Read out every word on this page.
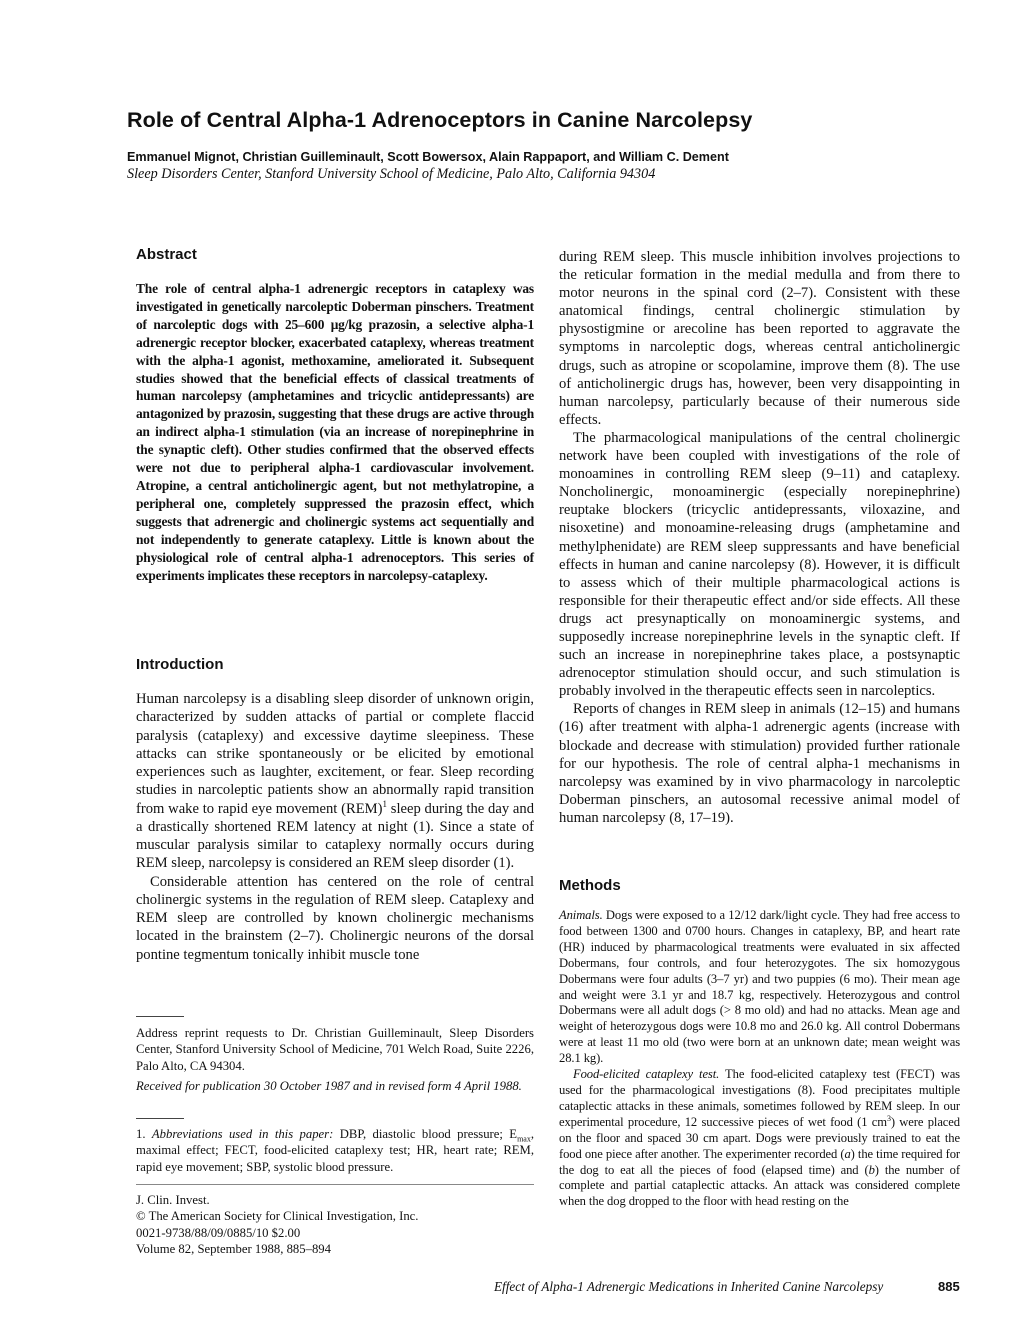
Role of Central Alpha-1 Adrenoceptors in Canine Narcolepsy
Emmanuel Mignot, Christian Guilleminault, Scott Bowersox, Alain Rappaport, and William C. Dement
Sleep Disorders Center, Stanford University School of Medicine, Palo Alto, California 94304
Abstract

The role of central alpha-1 adrenergic receptors in cataplexy was investigated in genetically narcoleptic Doberman pinschers. Treatment of narcoleptic dogs with 25–600 μg/kg prazosin, a selective alpha-1 adrenergic receptor blocker, exacerbated cataplexy, whereas treatment with the alpha-1 agonist, methoxamine, ameliorated it. Subsequent studies showed that the beneficial effects of classical treatments of human narcolepsy (amphetamines and tricyclic antidepressants) are antagonized by prazosin, suggesting that these drugs are active through an indirect alpha-1 stimulation (via an increase of norepinephrine in the synaptic cleft). Other studies confirmed that the observed effects were not due to peripheral alpha-1 cardiovascular involvement. Atropine, a central anticholinergic agent, but not methylatropine, a peripheral one, completely suppressed the prazosin effect, which suggests that adrenergic and cholinergic systems act sequentially and not independently to generate cataplexy. Little is known about the physiological role of central alpha-1 adrenoceptors. This series of experiments implicates these receptors in narcolepsy-cataplexy.

Introduction

Human narcolepsy is a disabling sleep disorder of unknown origin, characterized by sudden attacks of partial or complete flaccid paralysis (cataplexy) and excessive daytime sleepiness. These attacks can strike spontaneously or be elicited by emotional experiences such as laughter, excitement, or fear. Sleep recording studies in narcoleptic patients show an abnormally rapid transition from wake to rapid eye movement (REM)$^1$ sleep during the day and a drastically shortened REM latency at night (1). Since a state of muscular paralysis similar to cataplexy normally occurs during REM sleep, narcolepsy is considered an REM sleep disorder (1).

Considerable attention has centered on the role of central cholinergic systems in the regulation of REM sleep. Cataplexy and REM sleep are controlled by known cholinergic mechanisms located in the brainstem (2–7). Cholinergic neurons of the dorsal pontine tegmentum tonically inhibit muscle tone

Address reprint requests to Dr. Christian Guilleminault, Sleep Disorders Center, Stanford University School of Medicine, 701 Welch Road, Suite 2226, Palo Alto, CA 94304.

Received for publication 30 October 1987 and in revised form 4 April 1988.

1. Abbreviations used in this paper: DBP, diastolic blood pressure; $E_{max}$, maximal effect; FECT, food-elicited cataplexy test; HR, heart rate; REM, rapid eye movement; SBP, systolic blood pressure.

J. Clin. Invest.
© The American Society for Clinical Investigation, Inc.
0021-9738/88/09/0885/10 $2.00
Volume 82, September 1988, 885–894

during REM sleep. This muscle inhibition involves projections to the reticular formation in the medial medulla and from there to motor neurons in the spinal cord (2–7). Consistent with these anatomical findings, central cholinergic stimulation by physostigmine or arecoline has been reported to aggravate the symptoms in narcoleptic dogs, whereas central anticholinergic drugs, such as atropine or scopolamine, improve them (8). The use of anticholinergic drugs has, however, been very disappointing in human narcolepsy, particularly because of their numerous side effects.

The pharmacological manipulations of the central cholinergic network have been coupled with investigations of the role of monoamines in controlling REM sleep (9–11) and cataplexy. Noncholinergic, monoaminergic (especially norepinephrine) reuptake blockers (tricyclic antidepressants, viloxazine, and nisoxetine) and monoamine-releasing drugs (amphetamine and methylphenidate) are REM sleep suppressants and have beneficial effects in human and canine narcolepsy (8). However, it is difficult to assess which of their multiple pharmacological actions is responsible for their therapeutic effect and/or side effects. All these drugs act presynaptically on monoaminergic systems, and supposedly increase norepinephrine levels in the synaptic cleft. If such an increase in norepinephrine takes place, a postsynaptic adrenoceptor stimulation should occur, and such stimulation is probably involved in the therapeutic effects seen in narcoleptics.

Reports of changes in REM sleep in animals (12–15) and humans (16) after treatment with alpha-1 adrenergic agents (increase with blockade and decrease with stimulation) provided further rationale for our hypothesis. The role of central alpha-1 mechanisms in narcolepsy was examined by in vivo pharmacology in narcoleptic Doberman pinschers, an autosomal recessive animal model of human narcolepsy (8, 17–19).

Methods

Animals. Dogs were exposed to a 12/12 dark/light cycle. They had free access to food between 1300 and 0700 hours. Changes in cataplexy, BP, and heart rate (HR) induced by pharmacological treatments were evaluated in six affected Dobermans, four controls, and four heterozygotes. The six homozygous Dobermans were four adults (3–7 yr) and two puppies (6 mo). Their mean age and weight were 3.1 yr and 18.7 kg, respectively. Heterozygous and control Dobermans were all adult dogs (> 8 mo old) and had no attacks. Mean age and weight of heterozygous dogs were 10.8 mo and 26.0 kg. All control Dobermans were at least 11 mo old (two were born at an unknown date; mean weight was 28.1 kg).

Food-elicited cataplexy test. The food-elicited cataplexy test (FECT) was used for the pharmacological investigations (8). Food precipitates multiple cataplectic attacks in these animals, sometimes followed by REM sleep. In our experimental procedure, 12 successive pieces of wet food (1 $cm^3$) were placed on the floor and spaced 30 cm apart. Dogs were previously trained to eat the food one piece after another. The experimenter recorded (a) the time required for the dog to eat all the pieces of food (elapsed time) and (b) the number of complete and partial cataplectic attacks. An attack was considered complete when the dog dropped to the floor with head resting on the

Effect of Alpha-1 Adrenergic Medications in Inherited Canine Narcolepsy	885
